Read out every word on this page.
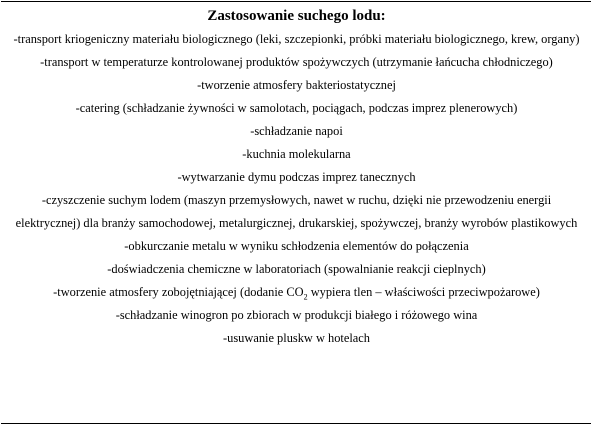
Zastosowanie suchego lodu:
-transport kriogeniczny materiału biologicznego (leki, szczepionki, próbki materiału biologicznego, krew, organy)
-transport w temperaturze kontrolowanej produktów spożywczych (utrzymanie łańcucha chłodniczego)
-tworzenie atmosfery bakteriostatycznej
-catering (schładzanie żywności w samolotach, pociągach, podczas imprez plenerowych)
-schładzanie napoi
-kuchnia molekularna
-wytwarzanie dymu podczas imprez tanecznych
-czyszczenie suchym lodem (maszyn przemysłowych, nawet w ruchu, dzięki nie przewodzeniu energii elektrycznej) dla branży samochodowej, metalurgicznej, drukarskiej, spożywczej, branży wyrobów plastikowych
-obkurczanie metalu w wyniku schłodzenia elementów do połączenia
-doświadczenia chemiczne w laboratoriach (spowalnianie reakcji cieplnych)
-tworzenie atmosfery zobojętniającej (dodanie $CO_2$ wypiera tlen – właściwości przeciwpożarowe)
-schładzanie winogron po zbiorach w produkcji białego i różowego wina
-usuwanie pluskw w hotelach
